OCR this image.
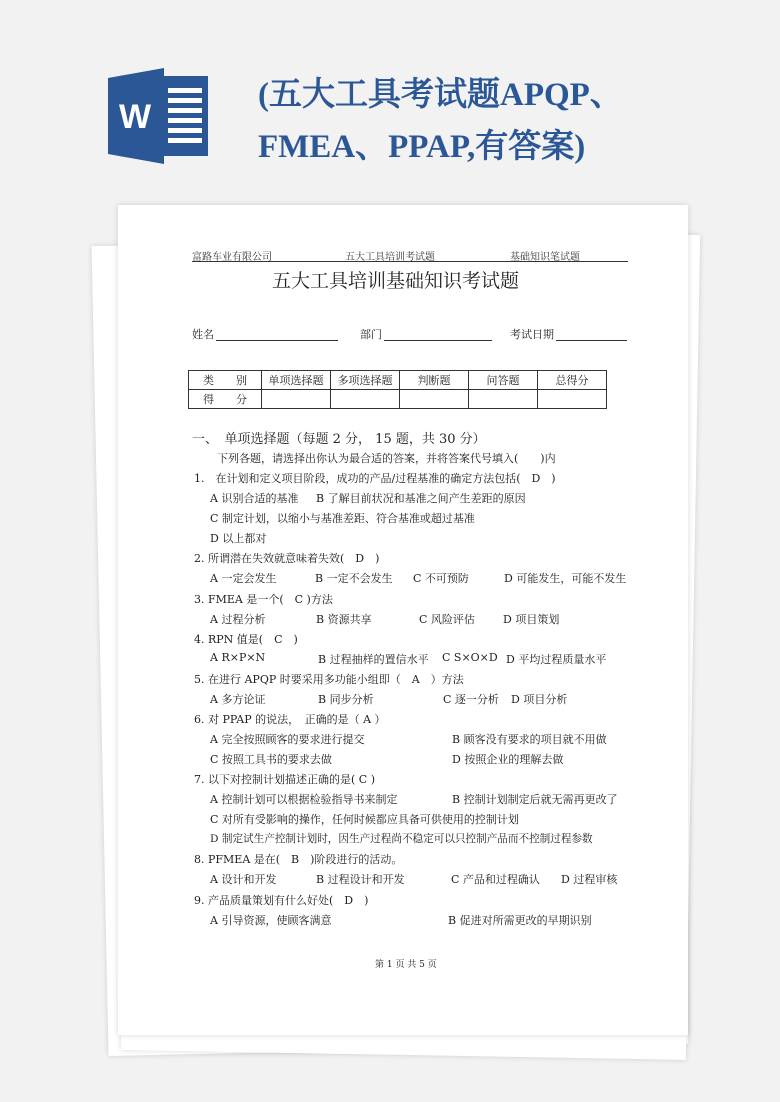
W
(五大工具考试题APQP、
FMEA、PPAP,有答案)
富路车业有限公司	五大工具培训考试题	基础知识笔试题
五大工具培训基础知识考试题
姓名	部门	考试日期
类　　别	单项选择题	多项选择题	判断题	问答题	总得分
得　　分					
一、　单项选择题（每题 2 分， 15 题，共 30 分）
下列各题，请选择出你认为最合适的答案，并将答案代号填入(　　)内
1.　在计划和定义项目阶段，成功的产品/过程基准的确定方法包括(　D　)
A 识别合适的基准 B 了解目前状况和基准之间产生差距的原因
C 制定计划，以缩小与基准差距、符合基准或超过基准
D 以上都对
2. 所谓潜在失效就意味着失效(　D　)
A 一定会发生	B 一定不会发生 C 不可预防	D 可能发生，可能不发生
3. FMEA 是一个(　C )方法
A 过程分析	B 资源共享	C 风险评估	D 项目策划
4. RPN 值是(　C　)
A R×P×N	B 过程抽样的置信水平 C S×O×D D 平均过程质量水平
5. 在进行 APQP 时要采用多功能小组即（　A　）方法
A 多方论证	B 同步分析	C 逐一分析 D 项目分析
6. 对 PPAP 的说法，　正确的是（ A ）
A 完全按照顾客的要求进行提交	B 顾客没有要求的项目就不用做
C 按照工具书的要求去做	D 按照企业的理解去做
7. 以下对控制计划描述正确的是( C )
A 控制计划可以根据检验指导书来制定	B 控制计划制定后就无需再更改了
C 对所有受影响的操作，任何时候都应具备可供使用的控制计划
D 制定试生产控制计划时，因生产过程尚不稳定可以只控制产品而不控制过程参数
8. PFMEA 是在(　B　)阶段进行的活动。
A 设计和开发	B 过程设计和开发	C 产品和过程确认 D 过程审核
9. 产品质量策划有什么好处(　D　)
A 引导资源，使顾客满意	B 促进对所需更改的早期识别
第 1 页 共 5 页
